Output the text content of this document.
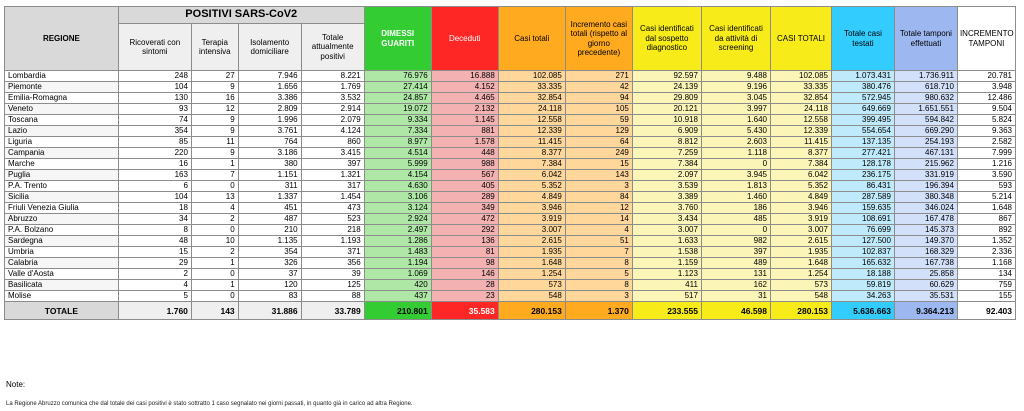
REGIONE	POSITIVI SARS-CoV2				DIMESSI GUARITI	Deceduti	Casi totali	Incremento casi totali (rispetto al giorno precedente)	Casi identificati dal sospetto diagnostico	Casi identificati da attività di screening	CASI TOTALI	Totale casi testati	Totale tamponi effettuati	INCREMENTO TAMPONI
	Ricoverati con sintomi	Terapia intensiva	Isolamento domiciliare	Totale attualmente positivi										
Lombardia	248	27	7.946	8.221	76.976	16.888	102.085	271	92.597	9.488	102.085	1.073.431	1.736.911	20.781
Piemonte	104	9	1.656	1.769	27.414	4.152	33.335	42	24.139	9.196	33.335	380.476	618.710	3.948
Emilia-Romagna	130	16	3.386	3.532	24.857	4.465	32.854	94	29.809	3.045	32.854	572.945	980.632	12.486
Veneto	93	12	2.809	2.914	19.072	2.132	24.118	105	20.121	3.997	24.118	649.669	1.651.551	9.504
Toscana	74	9	1.996	2.079	9.334	1.145	12.558	59	10.918	1.640	12.558	399.495	594.842	5.824
Lazio	354	9	3.761	4.124	7.334	881	12.339	129	6.909	5.430	12.339	554.654	669.290	9.363
Liguria	85	11	764	860	8.977	1.578	11.415	64	8.812	2.603	11.415	137.135	254.193	2.582
Campania	220	9	3.186	3.415	4.514	448	8.377	249	7.259	1.118	8.377	277.421	467.131	7.999
Marche	16	1	380	397	5.999	988	7.384	15	7.384	0	7.384	128.178	215.962	1.216
Puglia	163	7	1.151	1.321	4.154	567	6.042	143	2.097	3.945	6.042	236.175	331.919	3.590
P.A. Trento	6	0	311	317	4.630	405	5.352	3	3.539	1.813	5.352	86.431	196.394	593
Sicilia	104	13	1.337	1.454	3.106	289	4.849	84	3.389	1.460	4.849	287.589	380.348	5.214
Friuli Venezia Giulia	18	4	451	473	3.124	349	3.946	12	3.760	186	3.946	159.635	346.024	1.648
Abruzzo	34	2	487	523	2.924	472	3.919	14	3.434	485	3.919	108.691	167.478	867
P.A. Bolzano	8	0	210	218	2.497	292	3.007	4	3.007	0	3.007	76.699	145.373	892
Sardegna	48	10	1.135	1.193	1.286	136	2.615	51	1.633	982	2.615	127.500	149.370	1.352
Umbria	15	2	354	371	1.483	81	1.935	7	1.538	397	1.935	102.837	168.329	2.336
Calabria	29	1	326	356	1.194	98	1.648	8	1.159	489	1.648	165.632	167.738	1.168
Valle d'Aosta	2	0	37	39	1.069	146	1.254	5	1.123	131	1.254	18.188	25.858	134
Basilicata	4	1	120	125	420	28	573	8	411	162	573	59.819	60.629	759
Molise	5	0	83	88	437	23	548	3	517	31	548	34.263	35.531	155
TOTALE	1.760	143	31.886	33.789	210.801	35.583	280.153	1.370	233.555	46.598	280.153	5.636.663	9.364.213	92.403
Note:
La Regione Abruzzo comunica che dal totale dei casi positivi è stato sottratto 1 caso segnalato nei giorni passati, in quanto già in carico ad altra Regione.
